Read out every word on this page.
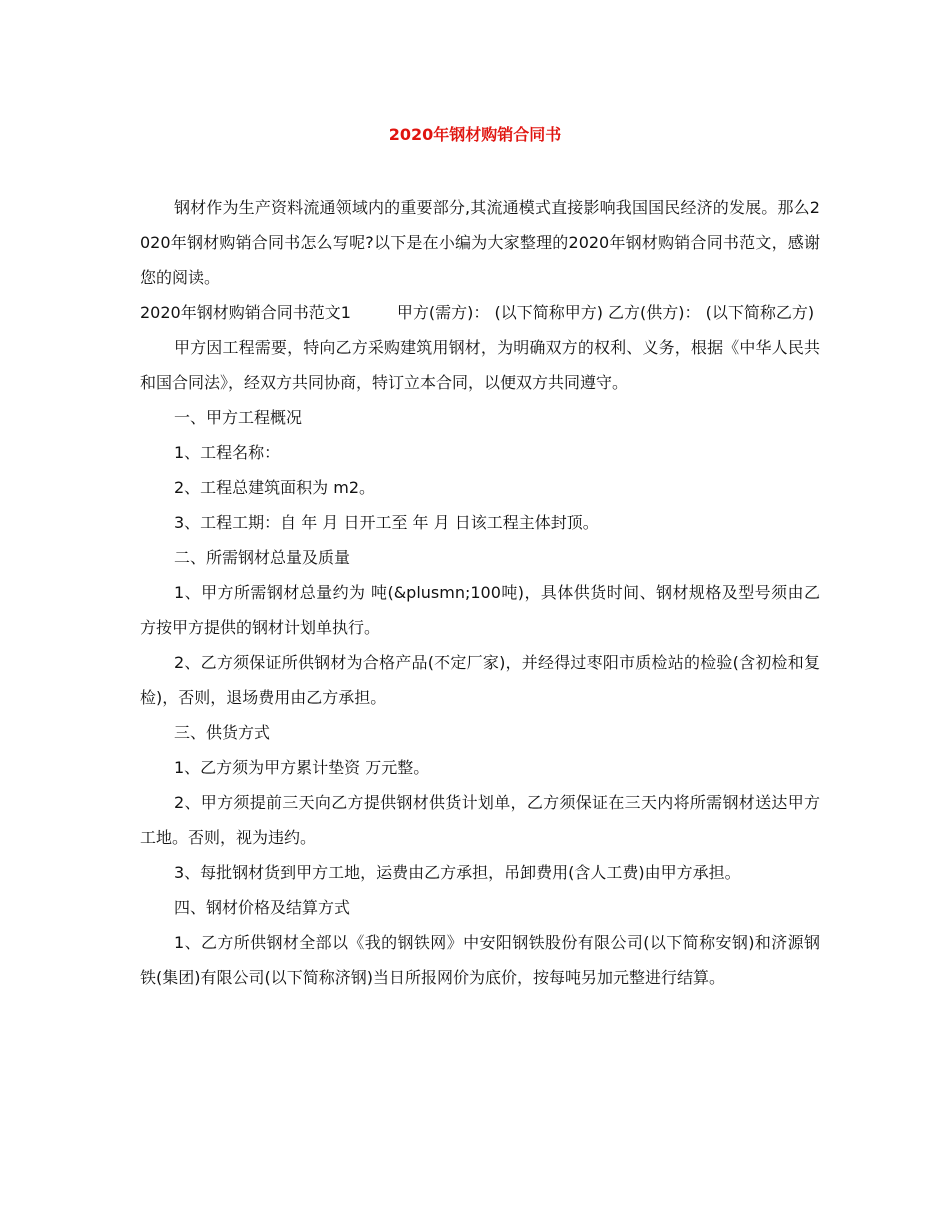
2020年钢材购销合同书

钢材作为生产资料流通领域内的重要部分,其流通模式直接影响我国国民经济的发展。那么2020年钢材购销合同书怎么写呢?以下是在小编为大家整理的2020年钢材购销合同书范文，感谢您的阅读。

2020年钢材购销合同书范文1	甲方(需方)： (以下简称甲方) 乙方(供方)： (以下简称乙方)

甲方因工程需要，特向乙方采购建筑用钢材，为明确双方的权利、义务，根据《中华人民共和国合同法》，经双方共同协商，特订立本合同，以便双方共同遵守。

一、甲方工程概况

1、工程名称：

2、工程总建筑面积为 m2。

3、工程工期：自 年 月 日开工至 年 月 日该工程主体封顶。

二、所需钢材总量及质量

1、甲方所需钢材总量约为 吨(&plusmn;100吨)，具体供货时间、钢材规格及型号须由乙方按甲方提供的钢材计划单执行。

2、乙方须保证所供钢材为合格产品(不定厂家)，并经得过枣阳市质检站的检验(含初检和复检)，否则，退场费用由乙方承担。

三、供货方式

1、乙方须为甲方累计垫资 万元整。

2、甲方须提前三天向乙方提供钢材供货计划单，乙方须保证在三天内将所需钢材送达甲方工地。否则，视为违约。

3、每批钢材货到甲方工地，运费由乙方承担，吊卸费用(含人工费)由甲方承担。

四、钢材价格及结算方式

1、乙方所供钢材全部以《我的钢铁网》中安阳钢铁股份有限公司(以下简称安钢)和济源钢铁(集团)有限公司(以下简称济钢)当日所报网价为底价，按每吨另加元整进行结算。
